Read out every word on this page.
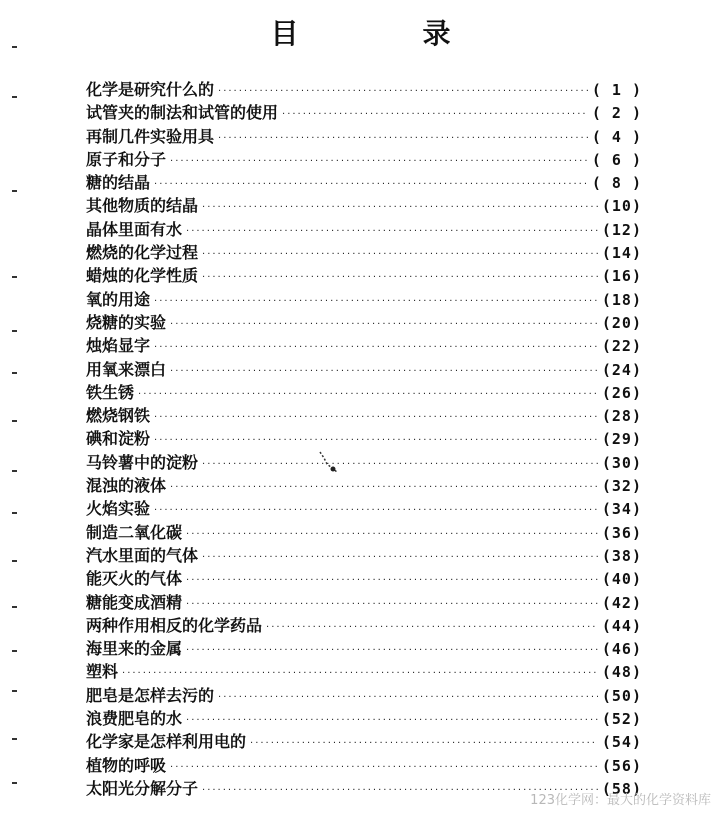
目　录
化学是研究什么的 ·····	( 1 )
试管夹的制法和试管的使用 ·····	( 2 )
再制几件实验用具 ·····	( 4 )
原子和分子 ·····	( 6 )
糖的结晶 ·····	( 8 )
其他物质的结晶 ·····	(10)
晶体里面有水 ·····	(12)
燃烧的化学过程 ·····	(14)
蜡烛的化学性质 ·····	(16)
氧的用途 ·····	(18)
烧糖的实验 ·····	(20)
烛焰显字 ·····	(22)
用氧来漂白 ·····	(24)
铁生锈 ·····	(26)
燃烧钢铁 ·····	(28)
碘和淀粉 ·····	(29)
马铃薯中的淀粉 ·····	(30)
混浊的液体 ·····	(32)
火焰实验 ·····	(34)
制造二氧化碳 ·····	(36)
汽水里面的气体 ·····	(38)
能灭火的气体 ·····	(40)
糖能变成酒精 ·····	(42)
两种作用相反的化学药品 ·····	(44)
海里来的金属 ·····	(46)
塑料 ·····	(48)
肥皂是怎样去污的 ·····	(50)
浪费肥皂的水 ·····	(52)
化学家是怎样利用电的 ·····	(54)
植物的呼吸 ·····	(56)
太阳光分解分子 ·····	(58)
123化学网：最大的化学资料库
